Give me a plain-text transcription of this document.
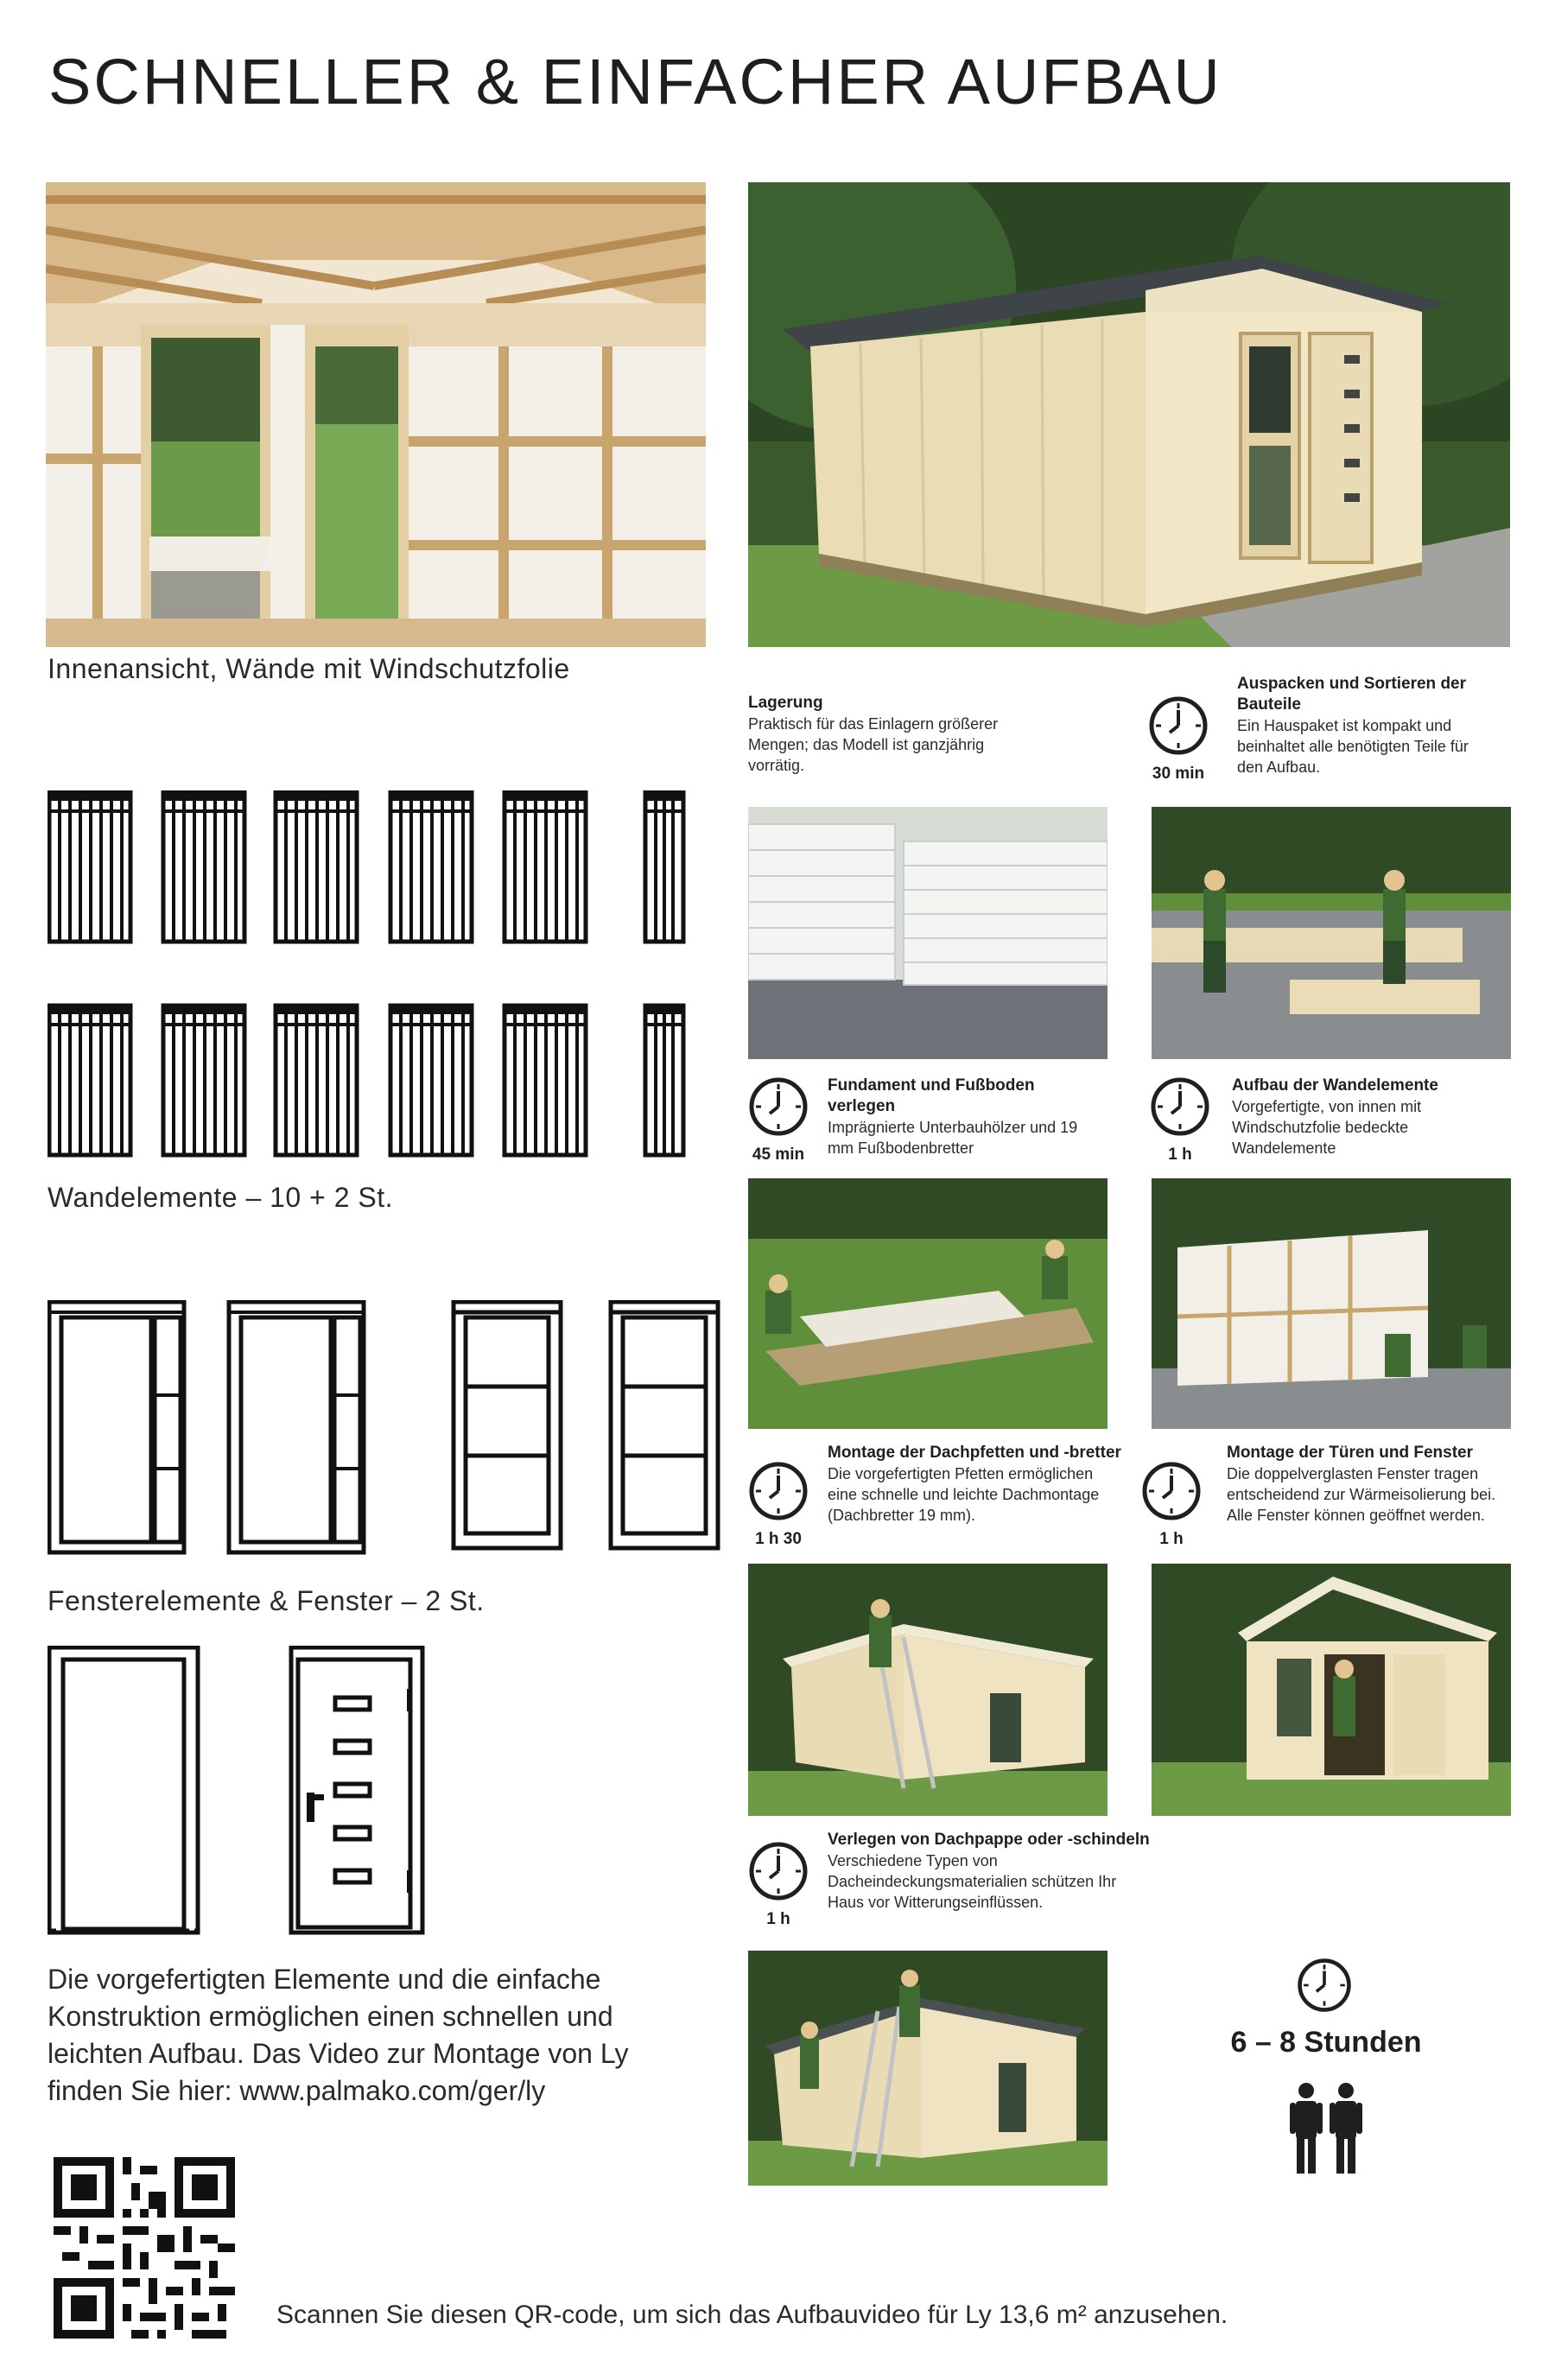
SCHNELLER & EINFACHER AUFBAU
Innenansicht, Wände mit Windschutzfolie
Lagerung
Praktisch für das Einlagern größerer Mengen; das Modell ist ganzjährig vorrätig.	30 min
Auspacken und Sortieren der Bauteile
Ein Hauspaket ist kompakt und beinhaltet alle benötigten Teile für den Aufbau.
45 min
Fundament und Fußboden verlegen
Imprägnierte Unterbauhölzer und 19 mm Fußbodenbretter	1 h
Aufbau der Wandelemente
Vorgefertigte, von innen mit Windschutzfolie bedeckte Wandelemente
1 h 30
Montage der Dachpfetten und -bretter
Die vorgefertigten Pfetten ermöglichen eine schnelle und leichte Dachmontage (Dachbretter 19 mm).
1 h
Montage der Türen und Fenster
Die doppelverglasten Fenster tragen entscheidend zur Wärmeisolierung bei. Alle Fenster können geöffnet werden.
1 h
Verlegen von Dachpappe oder -schindeln
Verschiedene Typen von Dacheindeckungsmaterialien schützen Ihr Haus vor Witterungseinflüssen.
6 – 8 Stunden
Wandelemente – 10 + 2 St.
Fensterelemente & Fenster – 2 St.
Die vorgefertigten Elemente und die einfache Konstruktion ermöglichen einen schnellen und leichten Aufbau. Das Video zur Montage von Ly finden Sie hier: www.palmako.com/ger/ly
Scannen Sie diesen QR-code, um sich das Aufbauvideo für Ly 13,6 m² anzusehen.
